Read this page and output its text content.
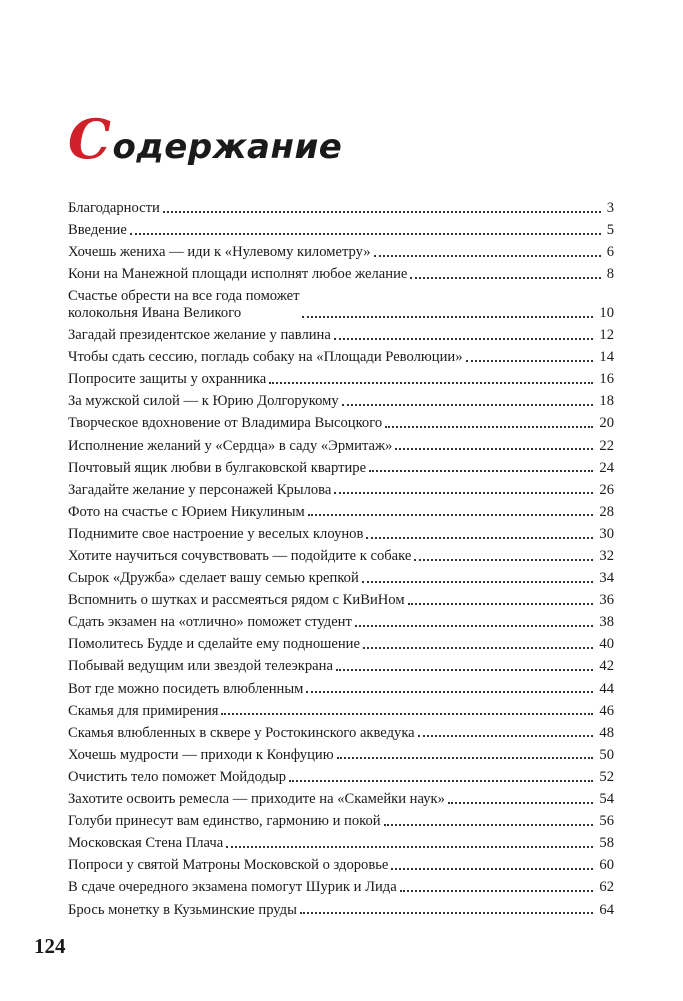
Содержание
Благодарности	3
Введение	5
Хочешь жениха — иди к «Нулевому километру»	6
Кони на Манежной площади исполнят любое желание	8
Счастье обрести на все года поможет
колокольня Ивана Великого	10
Загадай президентское желание у павлина	12
Чтобы сдать сессию, погладь собаку на «Площади Революции»	14
Попросите защиты у охранника	16
За мужской силой — к Юрию Долгорукому	18
Творческое вдохновение от Владимира Высоцкого	20
Исполнение желаний у «Сердца» в саду «Эрмитаж»	22
Почтовый ящик любви в булгаковской квартире	24
Загадайте желание у персонажей Крылова	26
Фото на счастье с Юрием Никулиным	28
Поднимите свое настроение у веселых клоунов	30
Хотите научиться сочувствовать — подойдите к собаке	32
Сырок «Дружба» сделает вашу семью крепкой	34
Вспомнить о шутках и рассмеяться рядом с КиВиНом	36
Сдать экзамен на «отлично» поможет студент	38
Помолитесь Будде и сделайте ему подношение	40
Побывай ведущим или звездой телеэкрана	42
Вот где можно посидеть влюбленным	44
Скамья для примирения	46
Скамья влюбленных в сквере у Ростокинского акведука	48
Хочешь мудрости — приходи к Конфуцию	50
Очистить тело поможет Мойдодыр	52
Захотите освоить ремесла — приходите на «Скамейки наук»	54
Голуби принесут вам единство, гармонию и покой	56
Московская Стена Плача	58
Попроси у святой Матроны Московской о здоровье	60
В сдаче очередного экзамена помогут Шурик и Лида	62
Брось монетку в Кузьминские пруды	64
124
